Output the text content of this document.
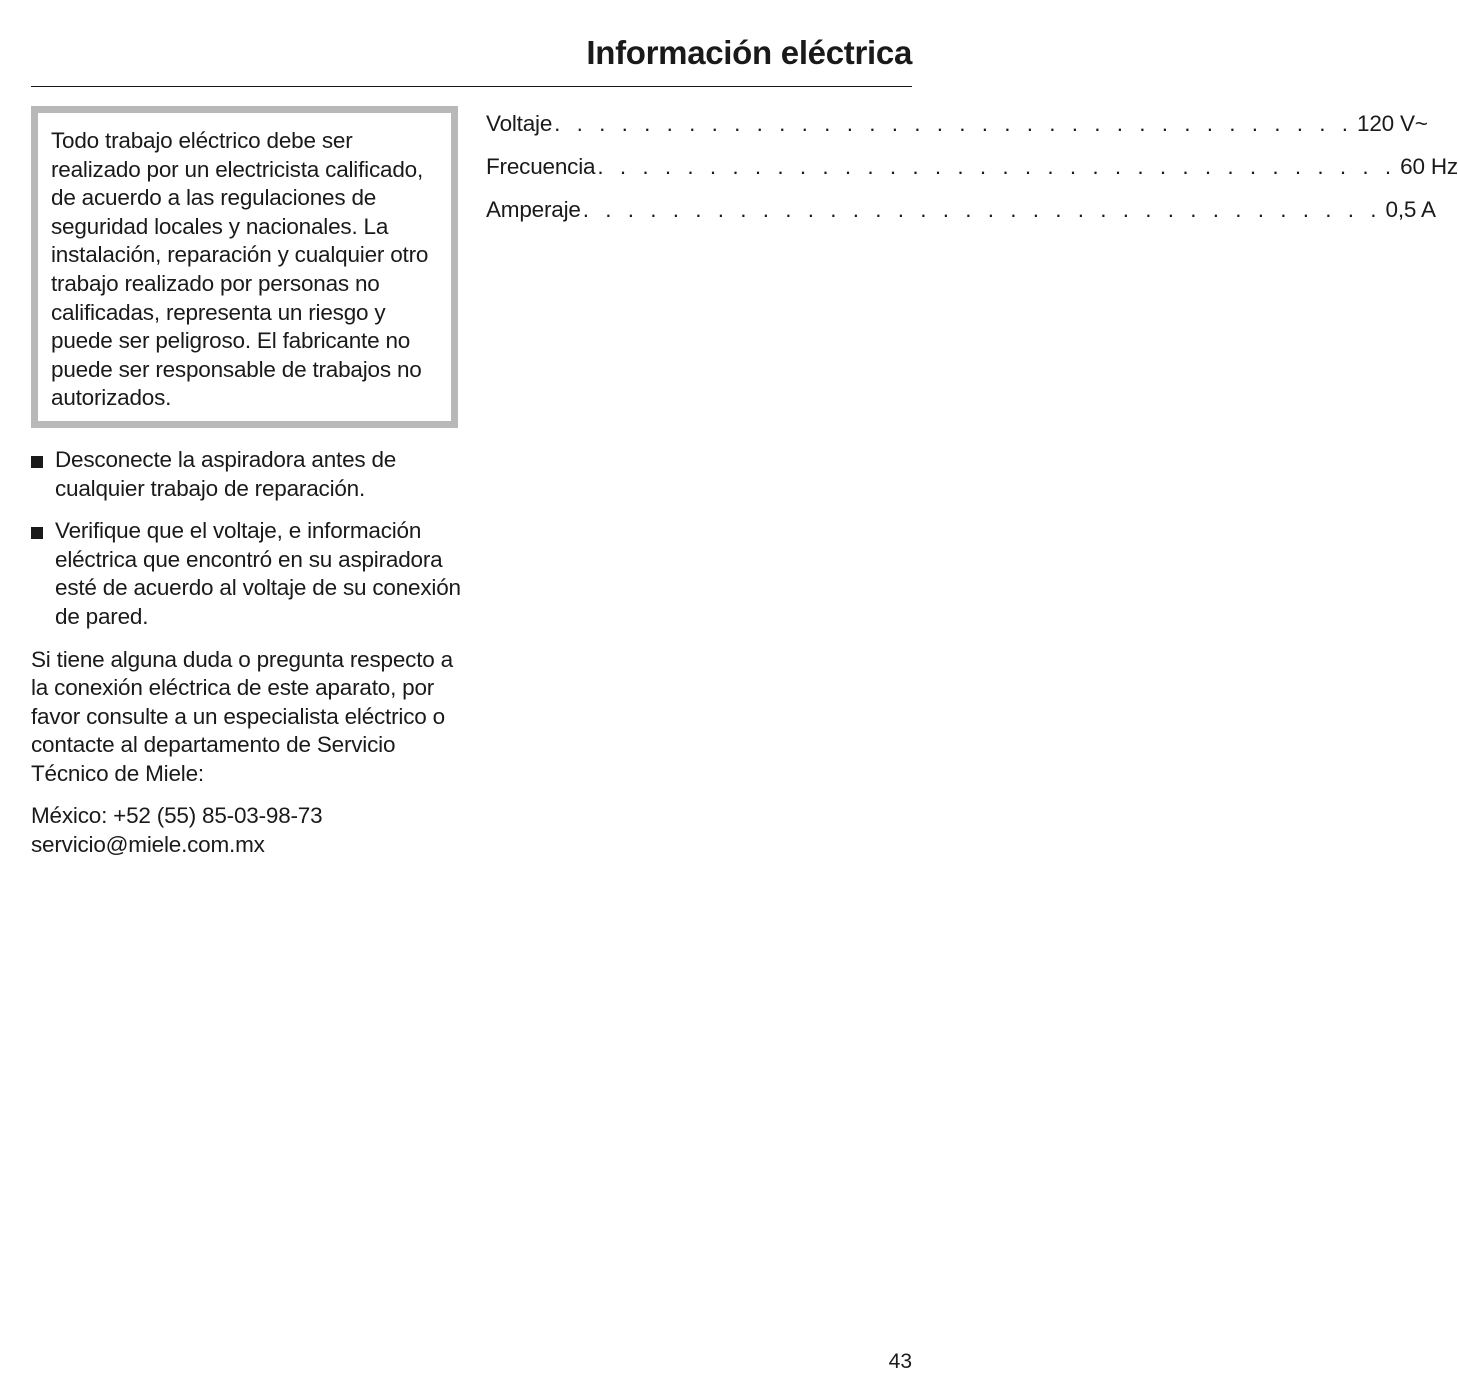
Información eléctrica
Todo trabajo eléctrico debe ser realizado por un electricista calificado, de acuerdo a las regulaciones de seguridad locales y nacionales. La instalación, reparación y cualquier otro trabajo realizado por personas no calificadas, representa un riesgo y puede ser peligroso. El fabricante no puede ser responsable de trabajos no autorizados.
Desconecte la aspiradora antes de cualquier trabajo de reparación.
Verifique que el voltaje, e información eléctrica que encontró en su aspiradora esté de acuerdo al voltaje de su conexión de pared.

Si tiene alguna duda o pregunta respecto a la conexión eléctrica de este aparato, por favor consulte a un especialista eléctrico o contacte al departamento de Servicio Técnico de Miele:

México: +52 (55) 85-03-98-73
servicio@miele.com.mx

Voltaje . . . . . . . . . . . . . . . . . . . . . . . . . . . . . . . . . . . . 120 V~
Frecuencia . . . . . . . . . . . . . . . . . . . . . . . . . . . . . . . . . . . . 60 Hz
Amperaje . . . . . . . . . . . . . . . . . . . . . . . . . . . . . . . . . . . . 0,5 A
43
